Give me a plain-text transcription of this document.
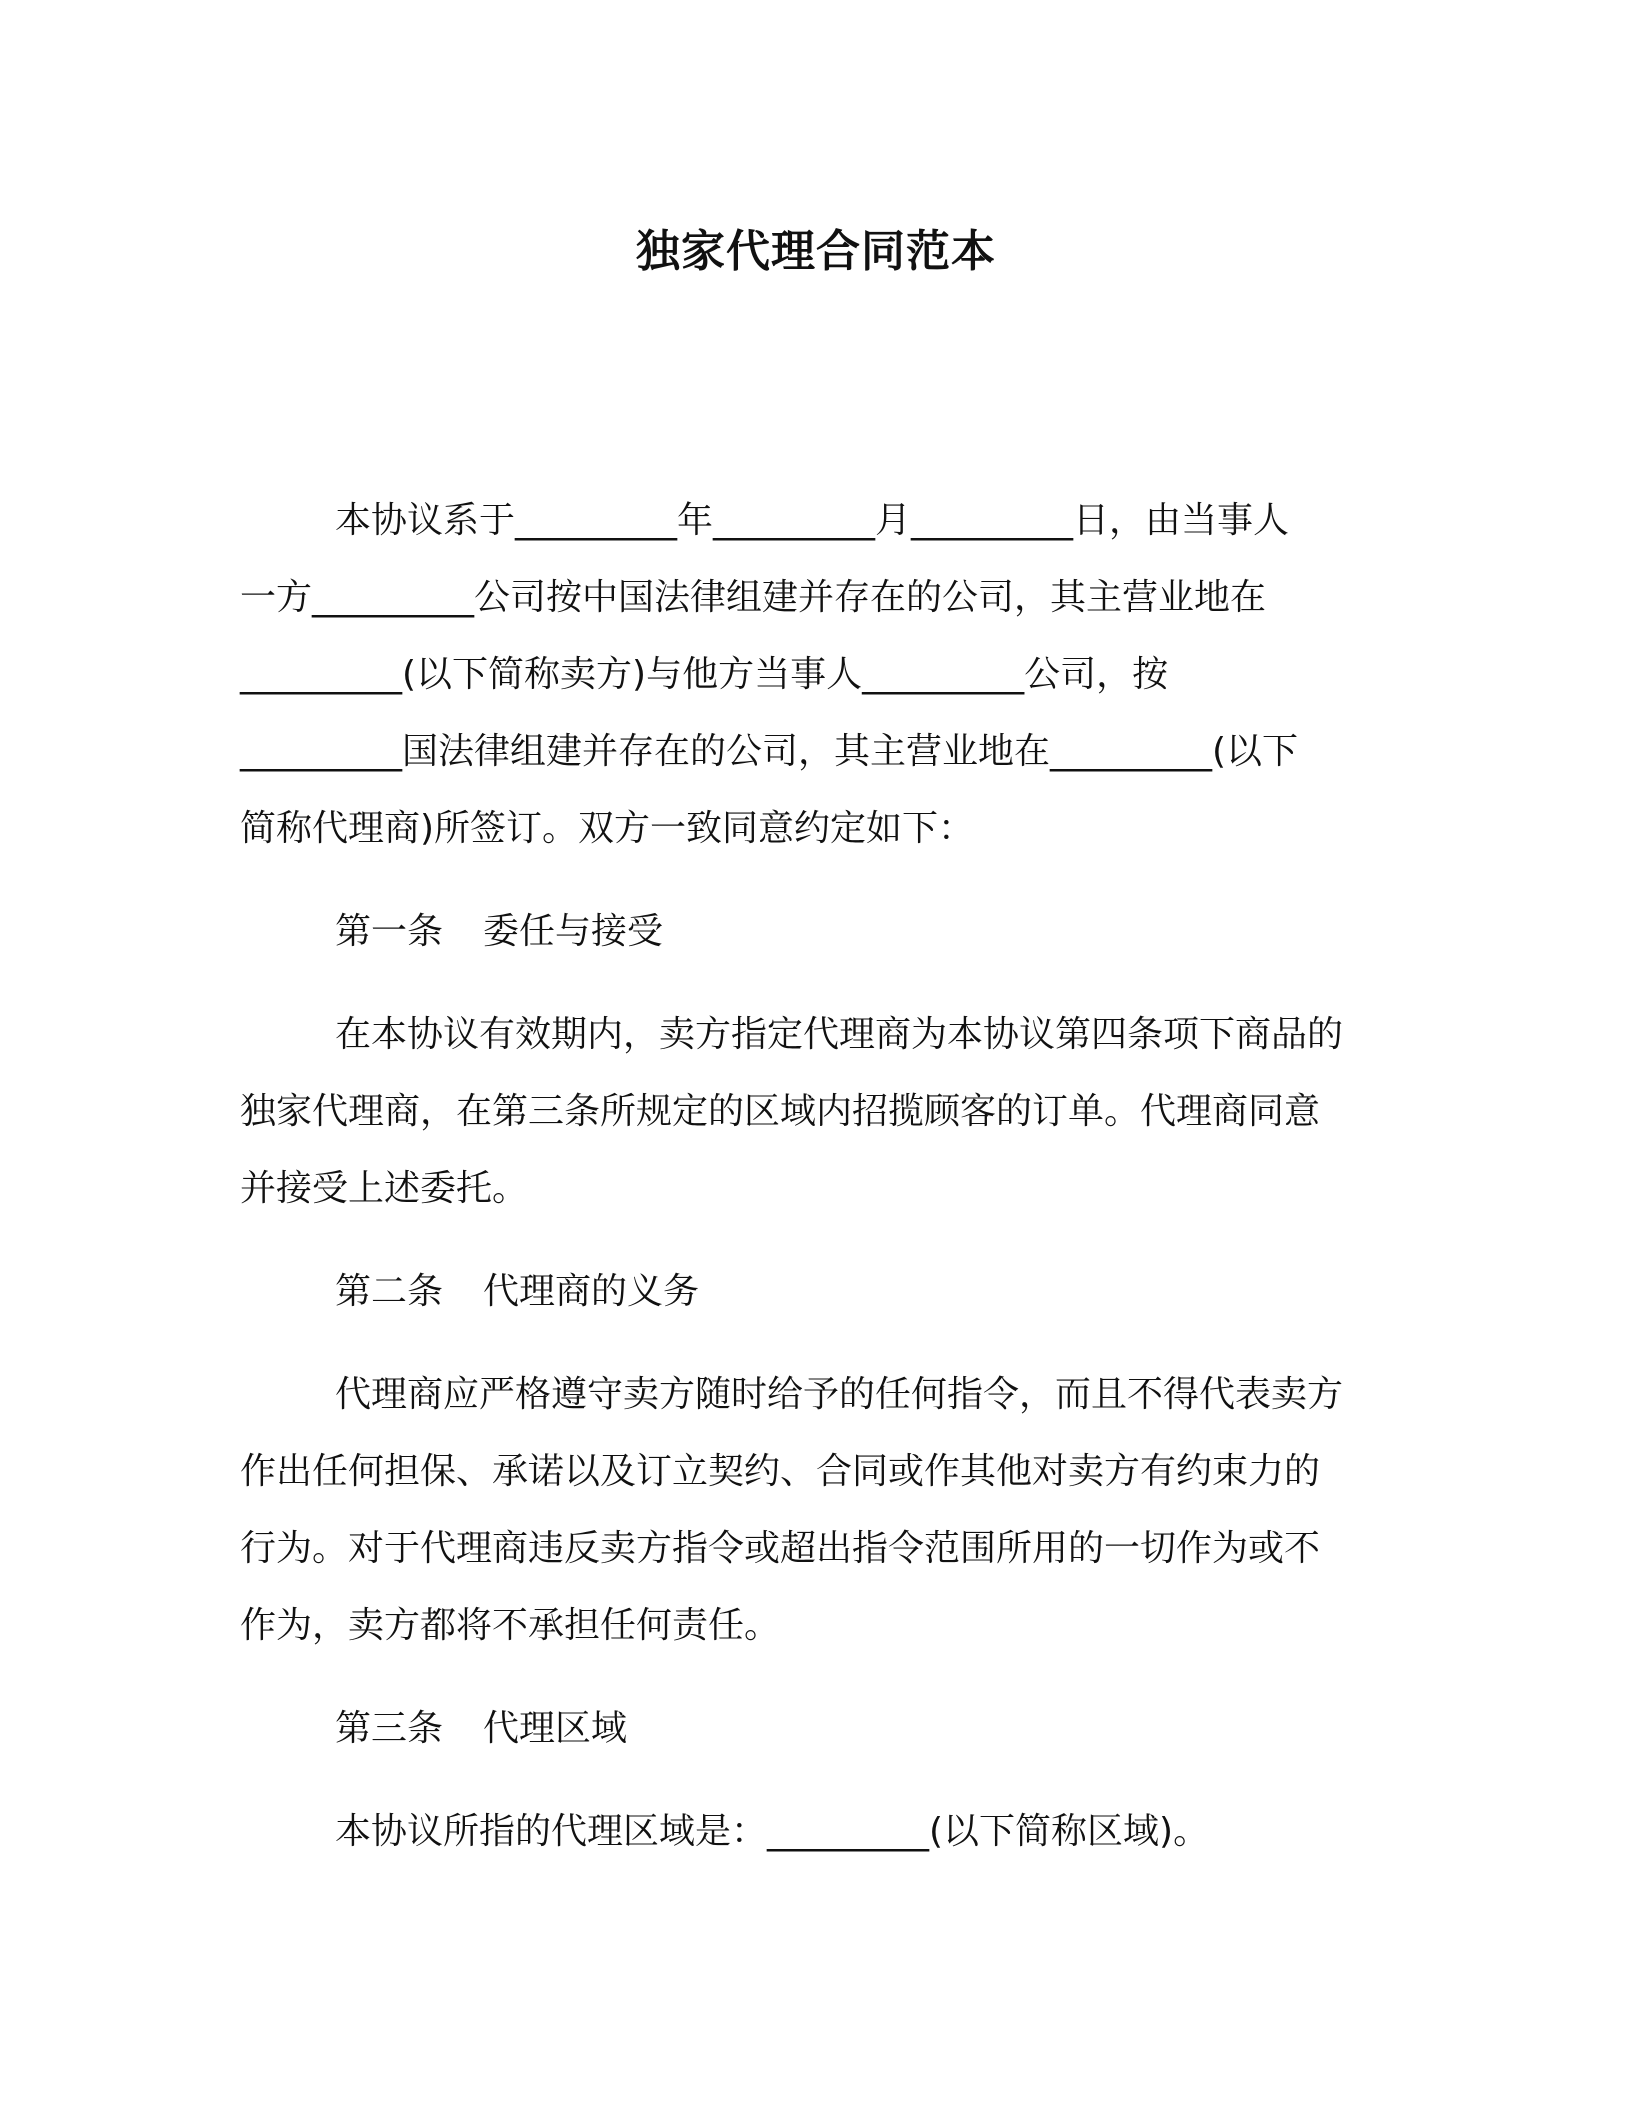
独家代理合同范本
本协议系于_________年_________月_________日，由当事人
一方_________公司按中国法律组建并存在的公司，其主营业地在
_________(以下简称卖方)与他方当事人_________公司，按
_________国法律组建并存在的公司，其主营业地在_________(以下
简称代理商)所签订。双方一致同意约定如下：
第一条 委任与接受
在本协议有效期内，卖方指定代理商为本协议第四条项下商品的
独家代理商，在第三条所规定的区域内招揽顾客的订单。代理商同意
并接受上述委托。
第二条 代理商的义务
代理商应严格遵守卖方随时给予的任何指令，而且不得代表卖方
作出任何担保、承诺以及订立契约、合同或作其他对卖方有约束力的
行为。对于代理商违反卖方指令或超出指令范围所用的一切作为或不
作为，卖方都将不承担任何责任。
第三条 代理区域
本协议所指的代理区域是：_________(以下简称区域)。
